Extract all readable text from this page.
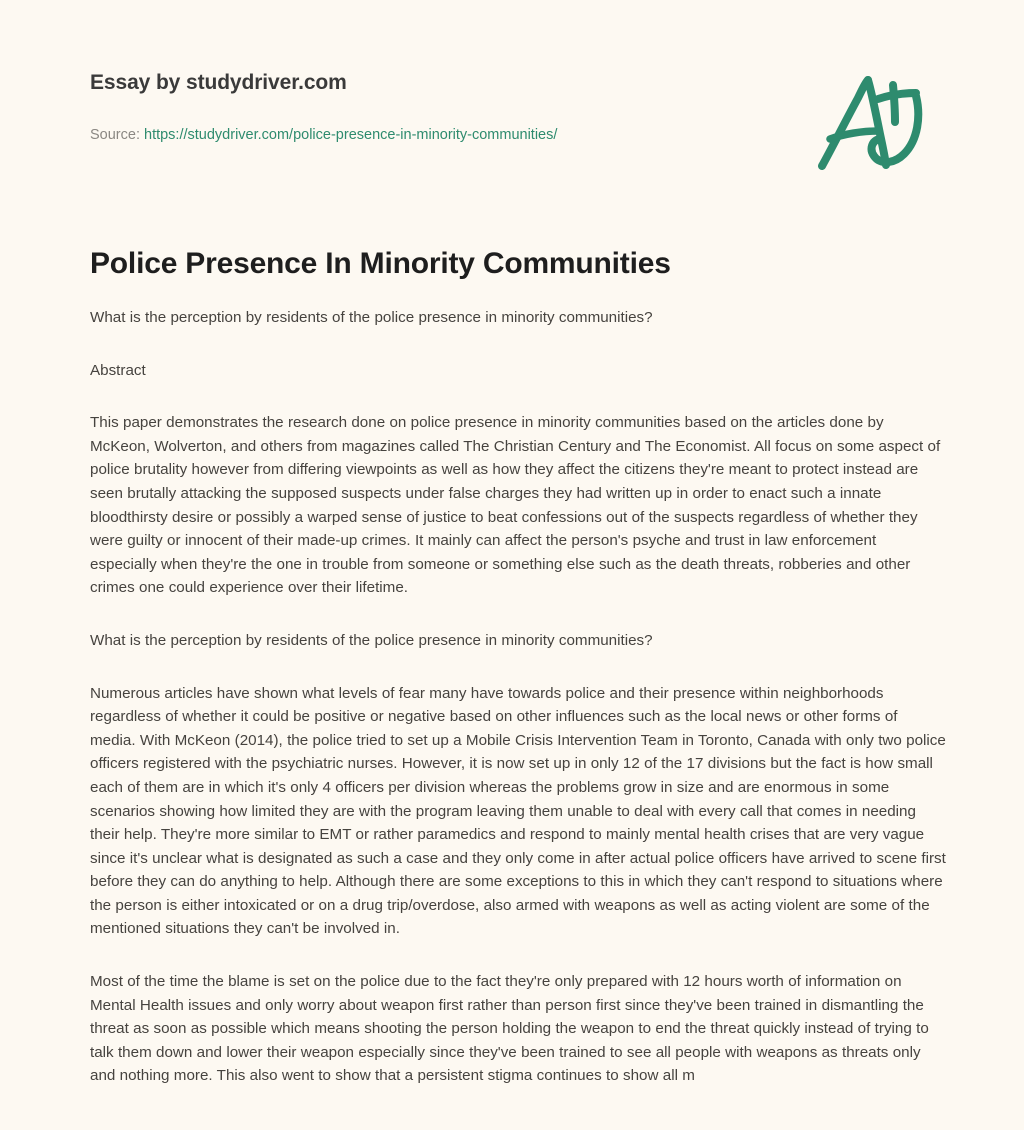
Essay by studydriver.com
Source: https://studydriver.com/police-presence-in-minority-communities/
Police Presence In Minority Communities

What is the perception by residents of the police presence in minority communities?

Abstract

This paper demonstrates the research done on police presence in minority communities based on the articles done by McKeon, Wolverton, and others from magazines called The Christian Century and The Economist. All focus on some aspect of police brutality however from differing viewpoints as well as how they affect the citizens they're meant to protect instead are seen brutally attacking the supposed suspects under false charges they had written up in order to enact such a innate bloodthirsty desire or possibly a warped sense of justice to beat confessions out of the suspects regardless of whether they were guilty or innocent of their made-up crimes. It mainly can affect the person's psyche and trust in law enforcement especially when they're the one in trouble from someone or something else such as the death threats, robberies and other crimes one could experience over their lifetime.

What is the perception by residents of the police presence in minority communities?

Numerous articles have shown what levels of fear many have towards police and their presence within neighborhoods regardless of whether it could be positive or negative based on other influences such as the local news or other forms of media. With McKeon (2014), the police tried to set up a Mobile Crisis Intervention Team in Toronto, Canada with only two police officers registered with the psychiatric nurses. However, it is now set up in only 12 of the 17 divisions but the fact is how small each of them are in which it's only 4 officers per division whereas the problems grow in size and are enormous in some scenarios showing how limited they are with the program leaving them unable to deal with every call that comes in needing their help. They're more similar to EMT or rather paramedics and respond to mainly mental health crises that are very vague since it's unclear what is designated as such a case and they only come in after actual police officers have arrived to scene first before they can do anything to help. Although there are some exceptions to this in which they can't respond to situations where the person is either intoxicated or on a drug trip/overdose, also armed with weapons as well as acting violent are some of the mentioned situations they can't be involved in.

Most of the time the blame is set on the police due to the fact they're only prepared with 12 hours worth of information on Mental Health issues and only worry about weapon first rather than person first since they've been trained in dismantling the threat as soon as possible which means shooting the person holding the weapon to end the threat quickly instead of trying to talk them down and lower their weapon especially since they've been trained to see all people with weapons as threats only and nothing more. This also went to show that a persistent stigma continues to show all m
